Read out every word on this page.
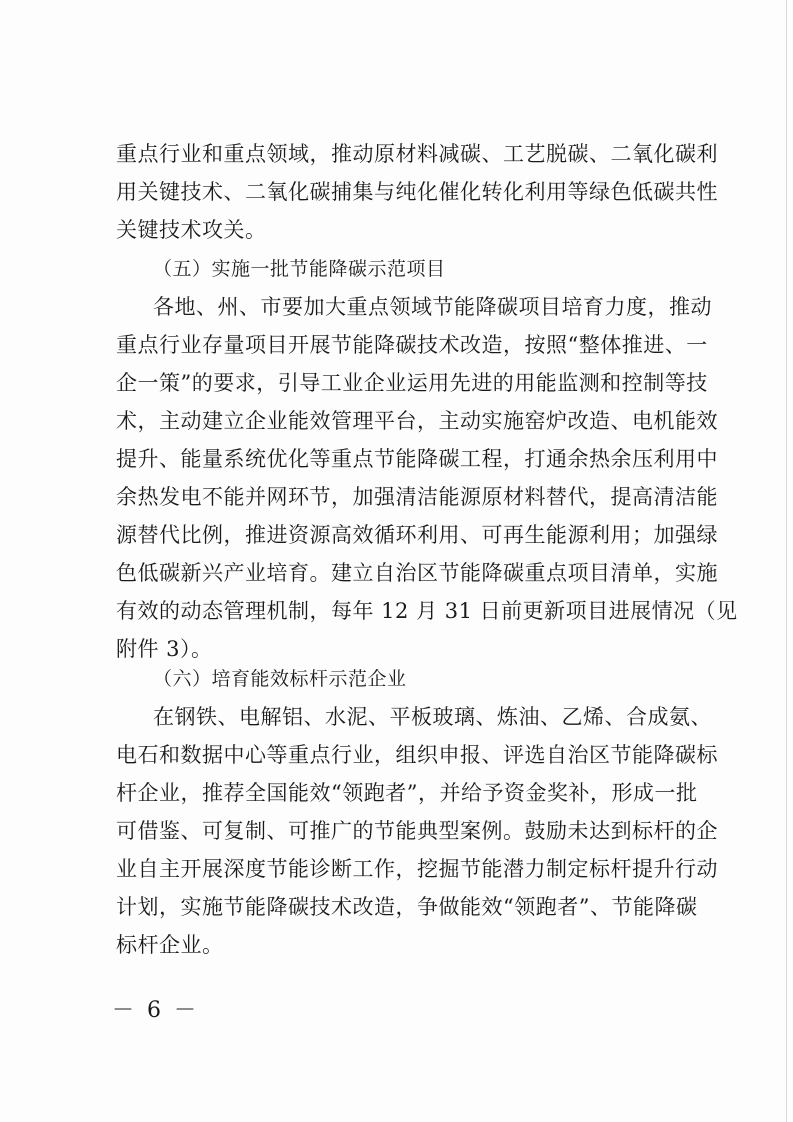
重点行业和重点领域，推动原材料减碳、工艺脱碳、二氧化碳利
用关键技术、二氧化碳捕集与纯化催化转化利用等绿色低碳共性
关键技术攻关。
（五）实施一批节能降碳示范项目
各地、州、市要加大重点领域节能降碳项目培育力度，推动
重点行业存量项目开展节能降碳技术改造，按照“整体推进、一
企一策”的要求，引导工业企业运用先进的用能监测和控制等技
术，主动建立企业能效管理平台，主动实施窑炉改造、电机能效
提升、能量系统优化等重点节能降碳工程，打通余热余压利用中
余热发电不能并网环节，加强清洁能源原材料替代，提高清洁能
源替代比例，推进资源高效循环利用、可再生能源利用；加强绿
色低碳新兴产业培育。建立自治区节能降碳重点项目清单，实施
有效的动态管理机制，每年 12 月 31 日前更新项目进展情况（见
附件 3）。
（六）培育能效标杆示范企业
在钢铁、电解铝、水泥、平板玻璃、炼油、乙烯、合成氨、
电石和数据中心等重点行业，组织申报、评选自治区节能降碳标
杆企业，推荐全国能效“领跑者”，并给予资金奖补，形成一批
可借鉴、可复制、可推广的节能典型案例。鼓励未达到标杆的企
业自主开展深度节能诊断工作，挖掘节能潜力制定标杆提升行动
计划，实施节能降碳技术改造，争做能效“领跑者”、节能降碳
标杆企业。
－ 6 －
